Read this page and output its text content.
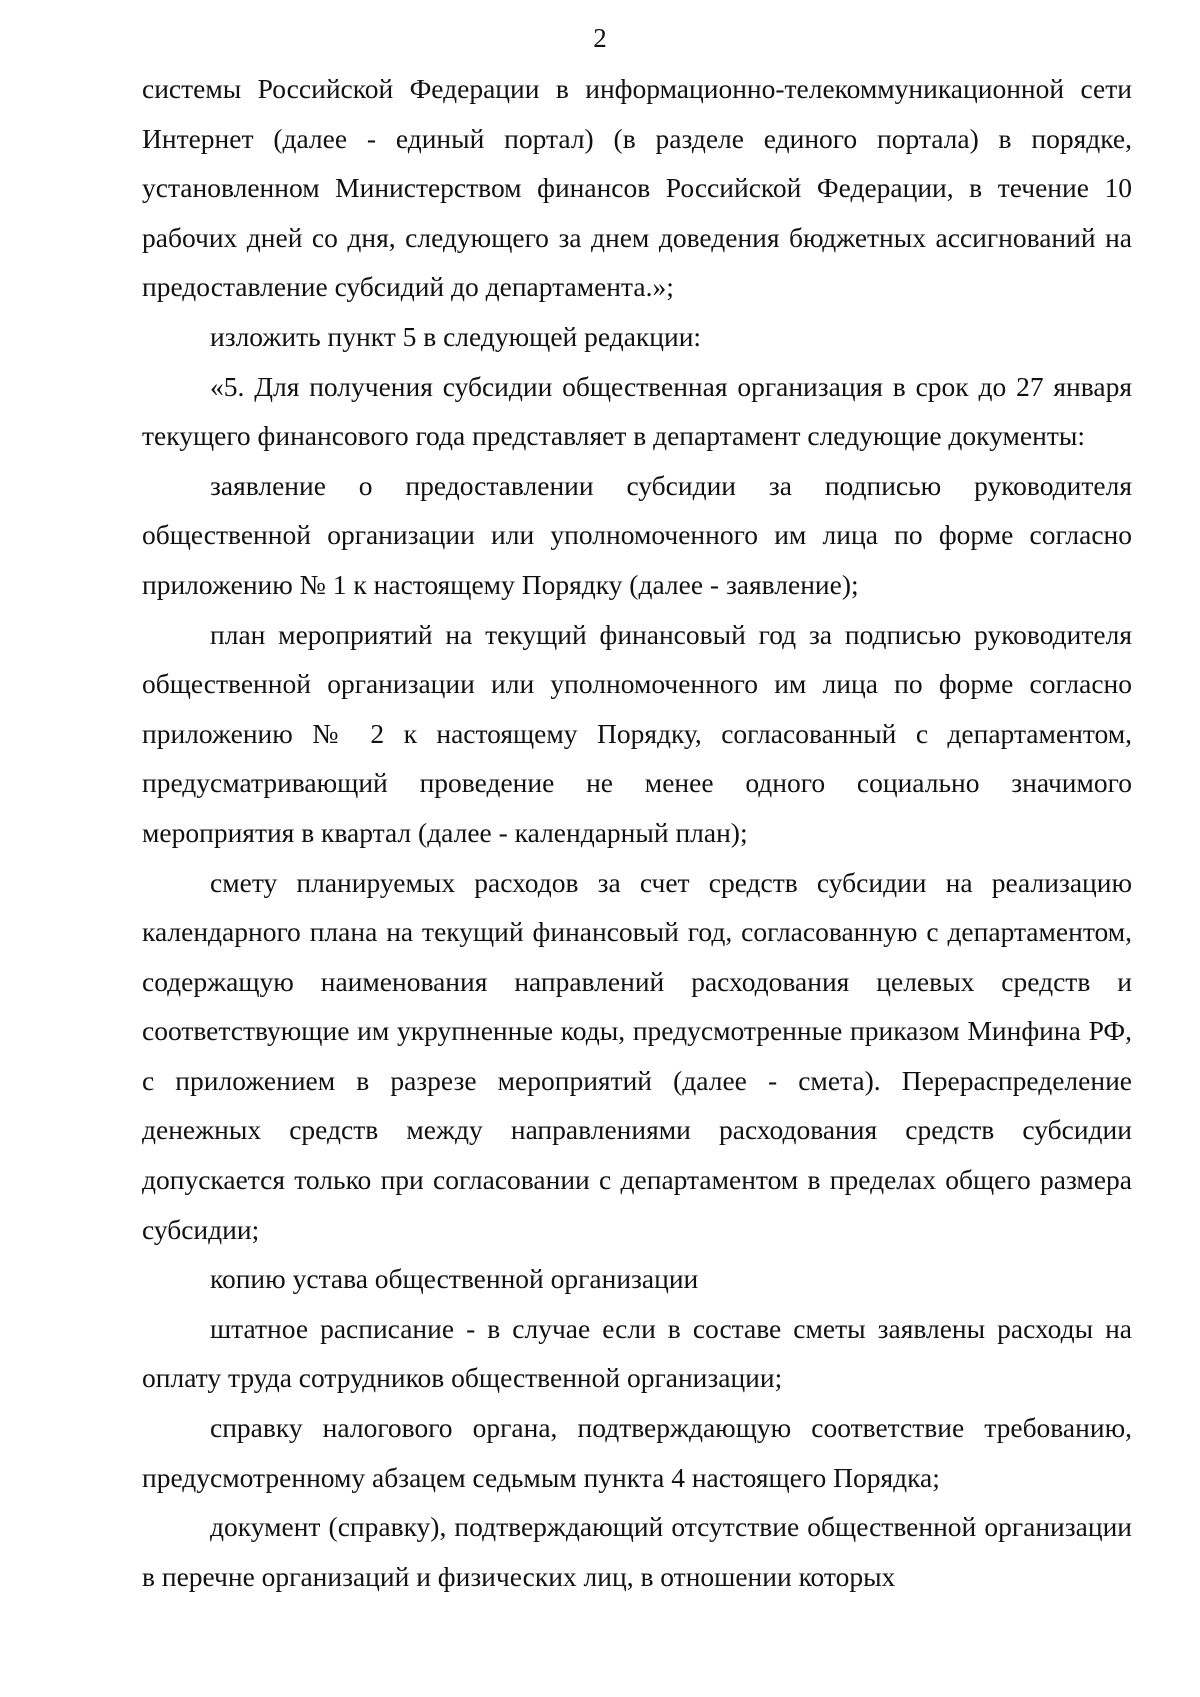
2

системы Российской Федерации в информационно-телекоммуникационной сети Интернет (далее - единый портал) (в разделе единого портала) в порядке, установленном Министерством финансов Российской Федерации, в течение 10 рабочих дней со дня, следующего за днем доведения бюджетных ассигнований на предоставление субсидий до департамента.»;

изложить пункт 5 в следующей редакции:

«5. Для получения субсидии общественная организация в срок до 27 января текущего финансового года представляет в департамент следующие документы:

заявление о предоставлении субсидии за подписью руководителя общественной организации или уполномоченного им лица по форме согласно приложению № 1 к настоящему Порядку (далее - заявление);

план мероприятий на текущий финансовый год за подписью руководителя общественной организации или уполномоченного им лица по форме согласно приложению № 2 к настоящему Порядку, согласованный с департаментом, предусматривающий проведение не менее одного социально значимого мероприятия в квартал (далее - календарный план);

смету планируемых расходов за счет средств субсидии на реализацию календарного плана на текущий финансовый год, согласованную с департаментом, содержащую наименования направлений расходования целевых средств и соответствующие им укрупненные коды, предусмотренные приказом Минфина РФ, с приложением в разрезе мероприятий (далее - смета). Перераспределение денежных средств между направлениями расходования средств субсидии допускается только при согласовании с департаментом в пределах общего размера субсидии;

копию устава общественной организации

штатное расписание - в случае если в составе сметы заявлены расходы на оплату труда сотрудников общественной организации;

справку налогового органа, подтверждающую соответствие требованию, предусмотренному абзацем седьмым пункта 4 настоящего Порядка;

документ (справку), подтверждающий отсутствие общественной организации в перечне организаций и физических лиц, в отношении которых
